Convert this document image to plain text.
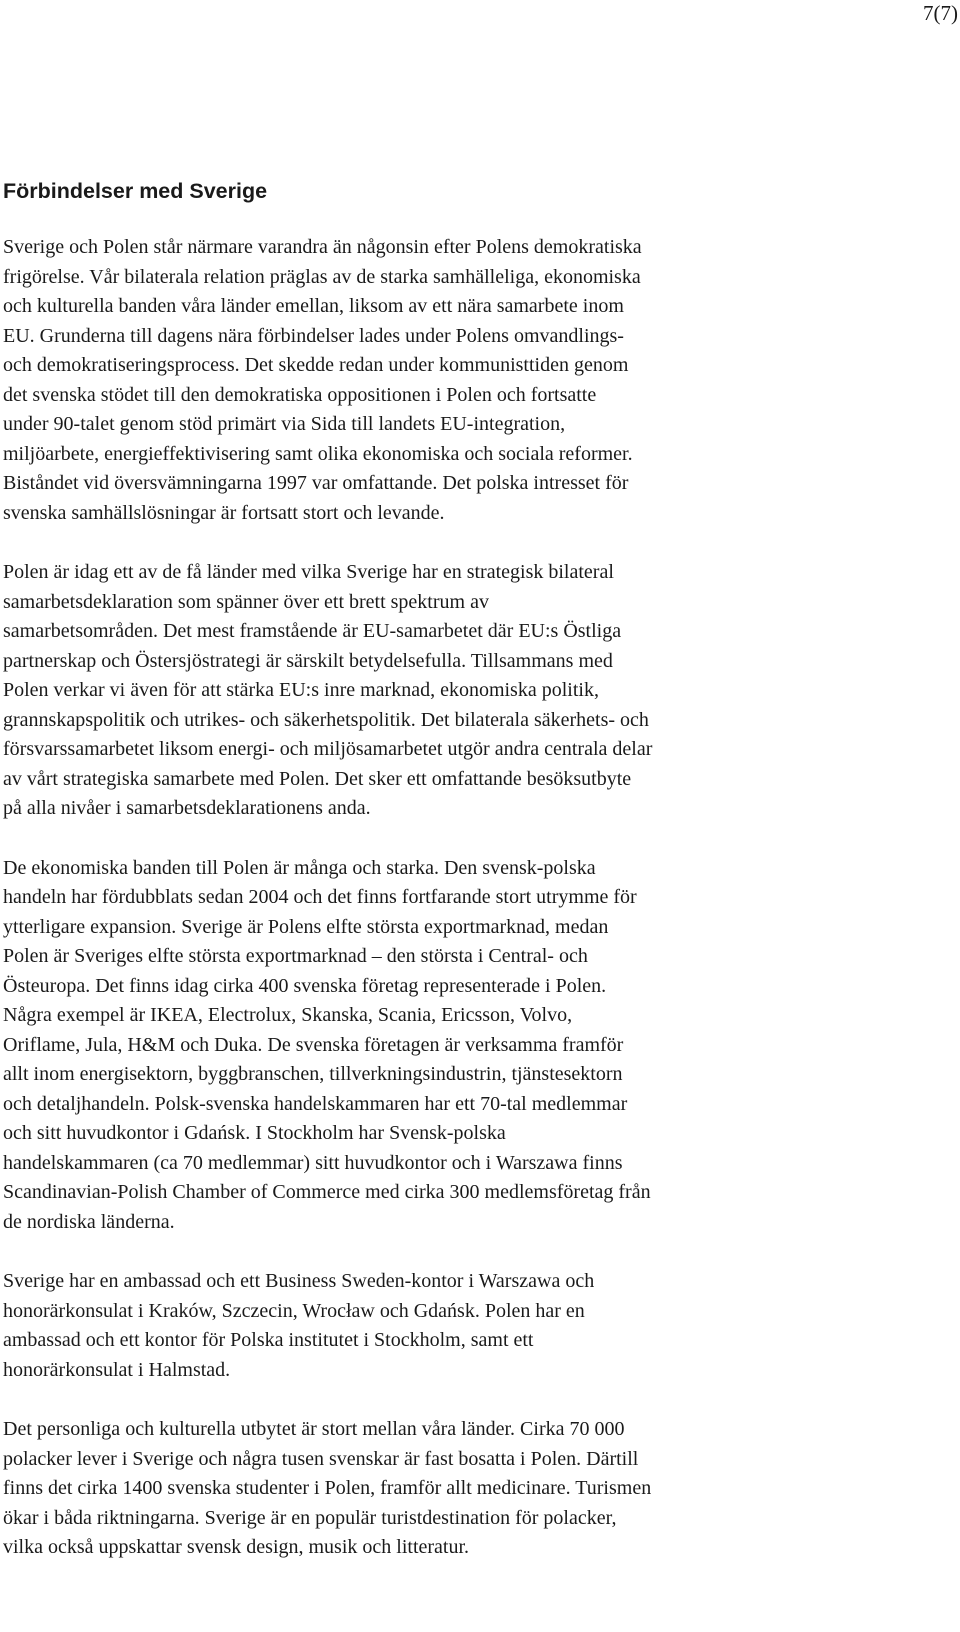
7(7)
Förbindelser med Sverige

Sverige och Polen står närmare varandra än någonsin efter Polens demokratiska
frigörelse. Vår bilaterala relation präglas av de starka samhälleliga, ekonomiska
och kulturella banden våra länder emellan, liksom av ett nära samarbete inom
EU. Grunderna till dagens nära förbindelser lades under Polens omvandlings-
och demokratiseringsprocess. Det skedde redan under kommunisttiden genom
det svenska stödet till den demokratiska oppositionen i Polen och fortsatte
under 90-talet genom stöd primärt via Sida till landets EU-integration,
miljöarbete, energieffektivisering samt olika ekonomiska och sociala reformer.
Biståndet vid översvämningarna 1997 var omfattande. Det polska intresset för
svenska samhällslösningar är fortsatt stort och levande.

Polen är idag ett av de få länder med vilka Sverige har en strategisk bilateral
samarbetsdeklaration som spänner över ett brett spektrum av
samarbetsområden. Det mest framstående är EU-samarbetet där EU:s Östliga
partnerskap och Östersjöstrategi är särskilt betydelsefulla. Tillsammans med
Polen verkar vi även för att stärka EU:s inre marknad, ekonomiska politik,
grannskapspolitik och utrikes- och säkerhetspolitik. Det bilaterala säkerhets- och
försvarssamarbetet liksom energi- och miljösamarbetet utgör andra centrala delar
av vårt strategiska samarbete med Polen. Det sker ett omfattande besöksutbyte
på alla nivåer i samarbetsdeklarationens anda.

De ekonomiska banden till Polen är många och starka. Den svensk-polska
handeln har fördubblats sedan 2004 och det finns fortfarande stort utrymme för
ytterligare expansion. Sverige är Polens elfte största exportmarknad, medan
Polen är Sveriges elfte största exportmarknad – den största i Central- och
Östeuropa. Det finns idag cirka 400 svenska företag representerade i Polen.
Några exempel är IKEA, Electrolux, Skanska, Scania, Ericsson, Volvo,
Oriflame, Jula, H&M och Duka. De svenska företagen är verksamma framför
allt inom energisektorn, byggbranschen, tillverkningsindustrin, tjänstesektorn
och detaljhandeln. Polsk-svenska handelskammaren har ett 70-tal medlemmar
och sitt huvudkontor i Gdańsk. I Stockholm har Svensk-polska
handelskammaren (ca 70 medlemmar) sitt huvudkontor och i Warszawa finns
Scandinavian-Polish Chamber of Commerce med cirka 300 medlemsföretag från
de nordiska länderna.

Sverige har en ambassad och ett Business Sweden-kontor i Warszawa och
honorärkonsulat i Kraków, Szczecin, Wrocław och Gdańsk. Polen har en
ambassad och ett kontor för Polska institutet i Stockholm, samt ett
honorärkonsulat i Halmstad.

Det personliga och kulturella utbytet är stort mellan våra länder. Cirka 70 000
polacker lever i Sverige och några tusen svenskar är fast bosatta i Polen. Därtill
finns det cirka 1400 svenska studenter i Polen, framför allt medicinare. Turismen
ökar i båda riktningarna. Sverige är en populär turistdestination för polacker,
vilka också uppskattar svensk design, musik och litteratur.
